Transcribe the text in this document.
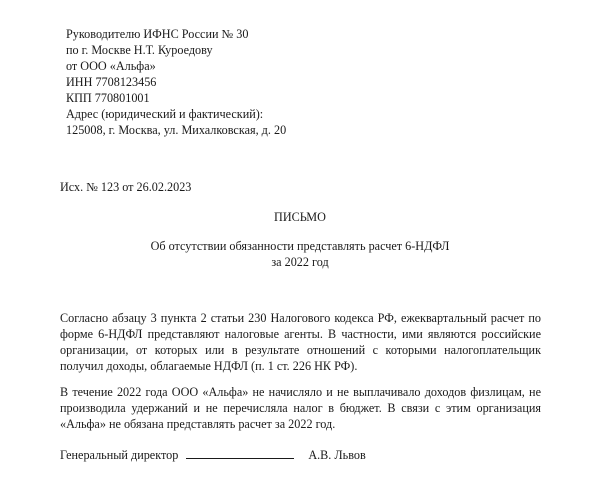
Руководителю ИФНС России № 30
по г. Москве Н.Т. Куроедову
от ООО «Альфа»
ИНН 7708123456
КПП 770801001
Адрес (юридический и фактический):
125008, г. Москва, ул. Михалковская, д. 20
Исх. № 123 от 26.02.2023
ПИСЬМО
Об отсутствии обязанности представлять расчет 6-НДФЛ
за 2022 год
Согласно абзацу 3 пункта 2 статьи 230 Налогового кодекса РФ, ежеквартальный расчет по форме 6-НДФЛ представляют налоговые агенты. В частности, ими являются российские организации, от которых или в результате отношений с которыми налогоплательщик получил доходы, облагаемые НДФЛ (п. 1 ст. 226 НК РФ).
В течение 2022 года ООО «Альфа» не начисляло и не выплачивало доходов физлицам, не производила удержаний и не перечисляла налог в бюджет. В связи с этим организация «Альфа» не обязана представлять расчет за 2022 год.
Генеральный директор	А.В. Львов
